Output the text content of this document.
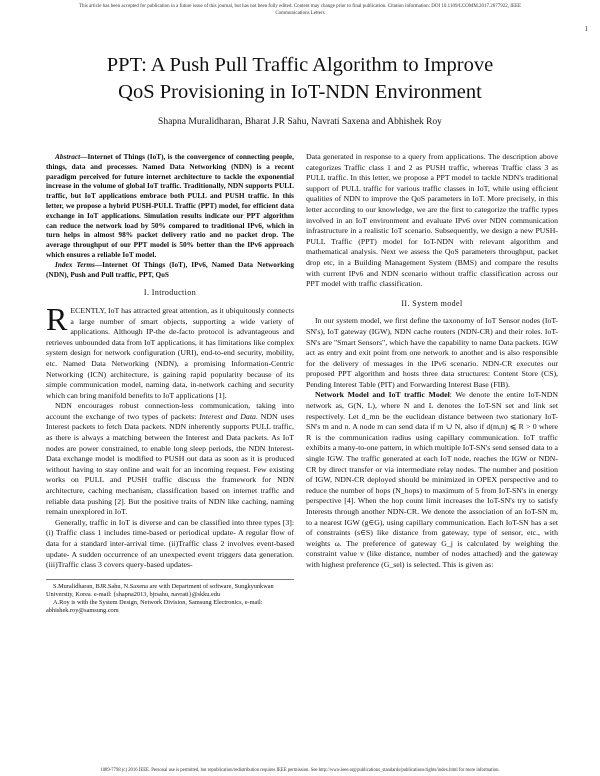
This article has been accepted for publication in a future issue of this journal, but has not been fully edited. Content may change prior to final publication. Citation information: DOI 10.1109/LCOMM.2017.2677922, IEEE
Communications Letters
1
PPT: A Push Pull Traffic Algorithm to Improve
QoS Provisioning in IoT-NDN Environment
Shapna Muralidharan, Bharat J.R Sahu, Navrati Saxena and Abhishek Roy

Abstract—Internet of Things (IoT), is the convergence of connecting people, things, data and processes. Named Data Networking (NDN) is a recent paradigm perceived for future internet architecture to tackle the exponential increase in the volume of global IoT traffic. Traditionally, NDN supports PULL traffic, but IoT applications embrace both PULL and PUSH traffic. In this letter, we propose a hybrid PUSH-PULL Traffic (PPT) model, for efficient data exchange in IoT applications. Simulation results indicate our PPT algorithm can reduce the network load by 50% compared to traditional IPv6, which in turn helps in almost 98% packet delivery ratio and no packet drop. The average throughput of our PPT model is 50% better than the IPv6 approach which ensures a reliable IoT model.

Index Terms—Internet Of Things (IoT), IPv6, Named Data Networking (NDN), Push and Pull traffic, PPT, QoS

I. Introduction
RECENTLY, IoT has attracted great attention, as it ubiquitously connects a large number of smart objects, supporting a wide variety of applications. Although IP-the de-facto protocol is advantageous and retrieves unbounded data from IoT applications, it has limitations like complex system design for network configuration (URI), end-to-end security, mobility, etc. Named Data Networking (NDN), a promising Information-Centric Networking (ICN) architecture, is gaining rapid popularity because of its simple communication model, naming data, in-network caching and security which can bring manifold benefits to IoT applications [1].

NDN encourages robust connection-less communication, taking into account the exchange of two types of packets: Interest and Data. NDN uses Interest packets to fetch Data packets. NDN inherently supports PULL traffic, as there is always a matching between the Interest and Data packets. As IoT nodes are power constrained, to enable long sleep periods, the NDN Interest-Data exchange model is modified to PUSH out data as soon as it is produced without having to stay online and wait for an incoming request. Few existing works on PULL and PUSH traffic discuss the framework for NDN architecture, caching mechanism, classification based on internet traffic and reliable data pushing [2]. But the positive traits of NDN like caching, naming remain unexplored in IoT.

Generally, traffic in IoT is diverse and can be classified into three types [3]: (i) Traffic class 1 includes time-based or periodical update- A regular flow of data for a standard inter-arrival time. (ii)Traffic class 2 involves event-based update- A sudden occurrence of an unexpected event triggers data generation. (iii)Traffic class 3 covers query-based updates-

S.Muralidharan, BJR.Sahu, N.Saxena are with Department of software, Sungkyunkwan University, Korea. e-mail: {shapna2013, bjrsahu, navrati}@skku.edu
A.Roy is with the System Design, Network Division, Samsung Electronics, e-mail: abhishek.roy@samsung.com

Data generated in response to a query from applications. The description above categorizes Traffic class 1 and 2 as PUSH traffic, whereas Traffic class 3 as PULL traffic. In this letter, we propose a PPT model to tackle NDN's traditional support of PULL traffic for various traffic classes in IoT, while using efficient qualities of NDN to improve the QoS parameters in IoT. More precisely, in this letter according to our knowledge, we are the first to categorize the traffic types involved in an IoT environment and evaluate IPv6 over NDN communication infrastructure in a realistic IoT scenario. Subsequently, we design a new PUSH-PULL Traffic (PPT) model for IoT-NDN with relevant algorithm and mathematical analysis. Next we assess the QoS parameters throughput, packet drop etc, in a Building Management System (BMS) and compare the results with current IPv6 and NDN scenario without traffic classification across our PPT model with traffic classification.

II. System model

In our system model, we first define the taxonomy of IoT Sensor nodes (IoT-SN's), IoT gateway (IGW), NDN cache routers (NDN-CR) and their roles. IoT-SN's are "Smart Sensors", which have the capability to name Data packets. IGW act as entry and exit point from one network to another and is also responsible for the delivery of messages in the IPv6 scenario. NDN-CR executes our proposed PPT algorithm and hosts three data structures: Content Store (CS), Pending Interest Table (PIT) and Forwarding Interest Base (FIB).

Network Model and IoT traffic Model: We denote the entire IoT-NDN network as, G(N, L), where N and L denotes the IoT-SN set and link set respectively. Let d_mn be the euclidean distance between two stationary IoT-SN's m and n. A node m can send data if m ∪ N, also if d(m,n) ⩽ R > 0 where R is the communication radius using capillary communication. IoT traffic exhibits a many-to-one pattern, in which multiple IoT-SN's send sensed data to a single IGW. The traffic generated at each IoT node, reaches the IGW or NDN-CR by direct transfer or via intermediate relay nodes. The number and position of IGW, NDN-CR deployed should be minimized in OPEX perspective and to reduce the number of hops (N_hops) to maximum of 5 from IoT-SN's in energy perspective [4]. When the hop count limit increases the IoT-SN's try to satisfy Interests through another NDN-CR. We denote the association of an IoT-SN m, to a nearest IGW (g∈G), using capillary communication. Each IoT-SN has a set of constraints (s∈S) like distance from gateway, type of sensor, etc., with weights ω. The preference of gateway G_j is calculated by weighing the constraint value v (like distance, number of nodes attached) and the gateway with highest preference (G_sel) is selected. This is given as:

1089-7798 (c) 2016 IEEE. Personal use is permitted, but republication/redistribution requires IEEE permission. See http://www.ieee.org/publications_standards/publications/rights/index.html for more information.
